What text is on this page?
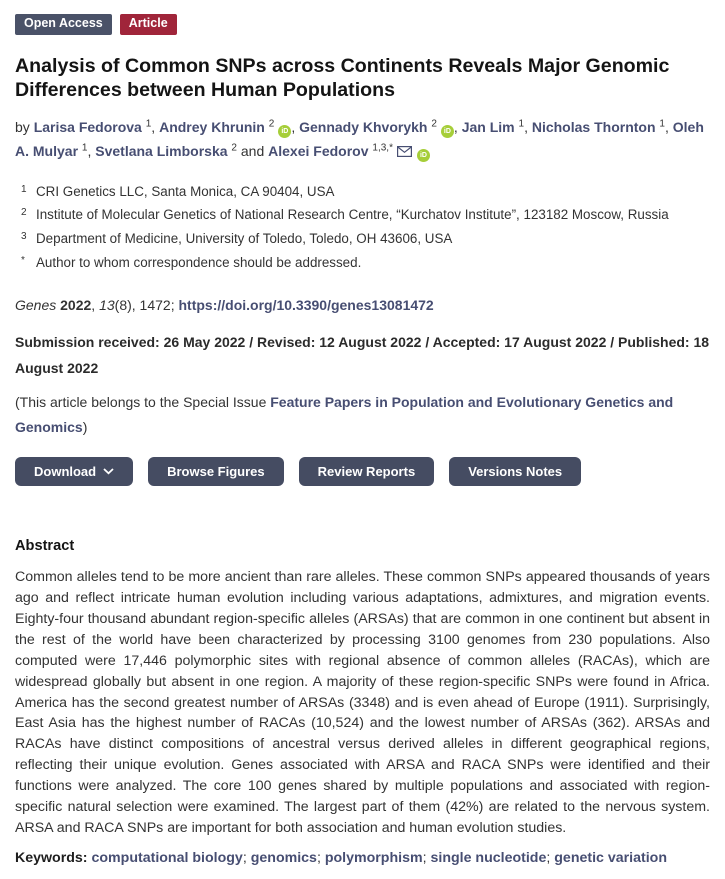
Open Access	Article
Analysis of Common SNPs across Continents Reveals Major Genomic Differences between Human Populations
by Larisa Fedorova $^1$, Andrey Khrunin $^2$iD , Gennady Khvorykh $^2$iD , Jan Lim $^1$, Nicholas Thornton $^1$, Oleh A. Mulyar $^1$, Svetlana Limborska $^2$ and Alexei Fedorov $^{1,3,*}$iD
1 CRI Genetics LLC, Santa Monica, CA 90404, USA
2 Institute of Molecular Genetics of National Research Centre, “Kurchatov Institute”, 123182 Moscow, Russia
3 Department of Medicine, University of Toledo, Toledo, OH 43606, USA
* Author to whom correspondence should be addressed.
Genes 2022, 13(8), 1472; https://doi.org/10.3390/genes13081472
Submission received: 26 May 2022 / Revised: 12 August 2022 / Accepted: 17 August 2022 / Published: 18 August 2022
(This article belongs to the Special Issue Feature Papers in Population and Evolutionary Genetics and Genomics)
Download	Browse Figures	Review Reports	Versions Notes
Abstract

Common alleles tend to be more ancient than rare alleles. These common SNPs appeared thousands of years ago and reflect intricate human evolution including various adaptations, admixtures, and migration events. Eighty-four thousand abundant region-specific alleles (ARSAs) that are common in one continent but absent in the rest of the world have been characterized by processing 3100 genomes from 230 populations. Also computed were 17,446 polymorphic sites with regional absence of common alleles (RACAs), which are widespread globally but absent in one region. A majority of these region-specific SNPs were found in Africa. America has the second greatest number of ARSAs (3348) and is even ahead of Europe (1911). Surprisingly, East Asia has the highest number of RACAs (10,524) and the lowest number of ARSAs (362). ARSAs and RACAs have distinct compositions of ancestral versus derived alleles in different geographical regions, reflecting their unique evolution. Genes associated with ARSA and RACA SNPs were identified and their functions were analyzed. The core 100 genes shared by multiple populations and associated with region-specific natural selection were examined. The largest part of them (42%) are related to the nervous system. ARSA and RACA SNPs are important for both association and human evolution studies.

Keywords: computational biology; genomics; polymorphism; single nucleotide; genetic variation
